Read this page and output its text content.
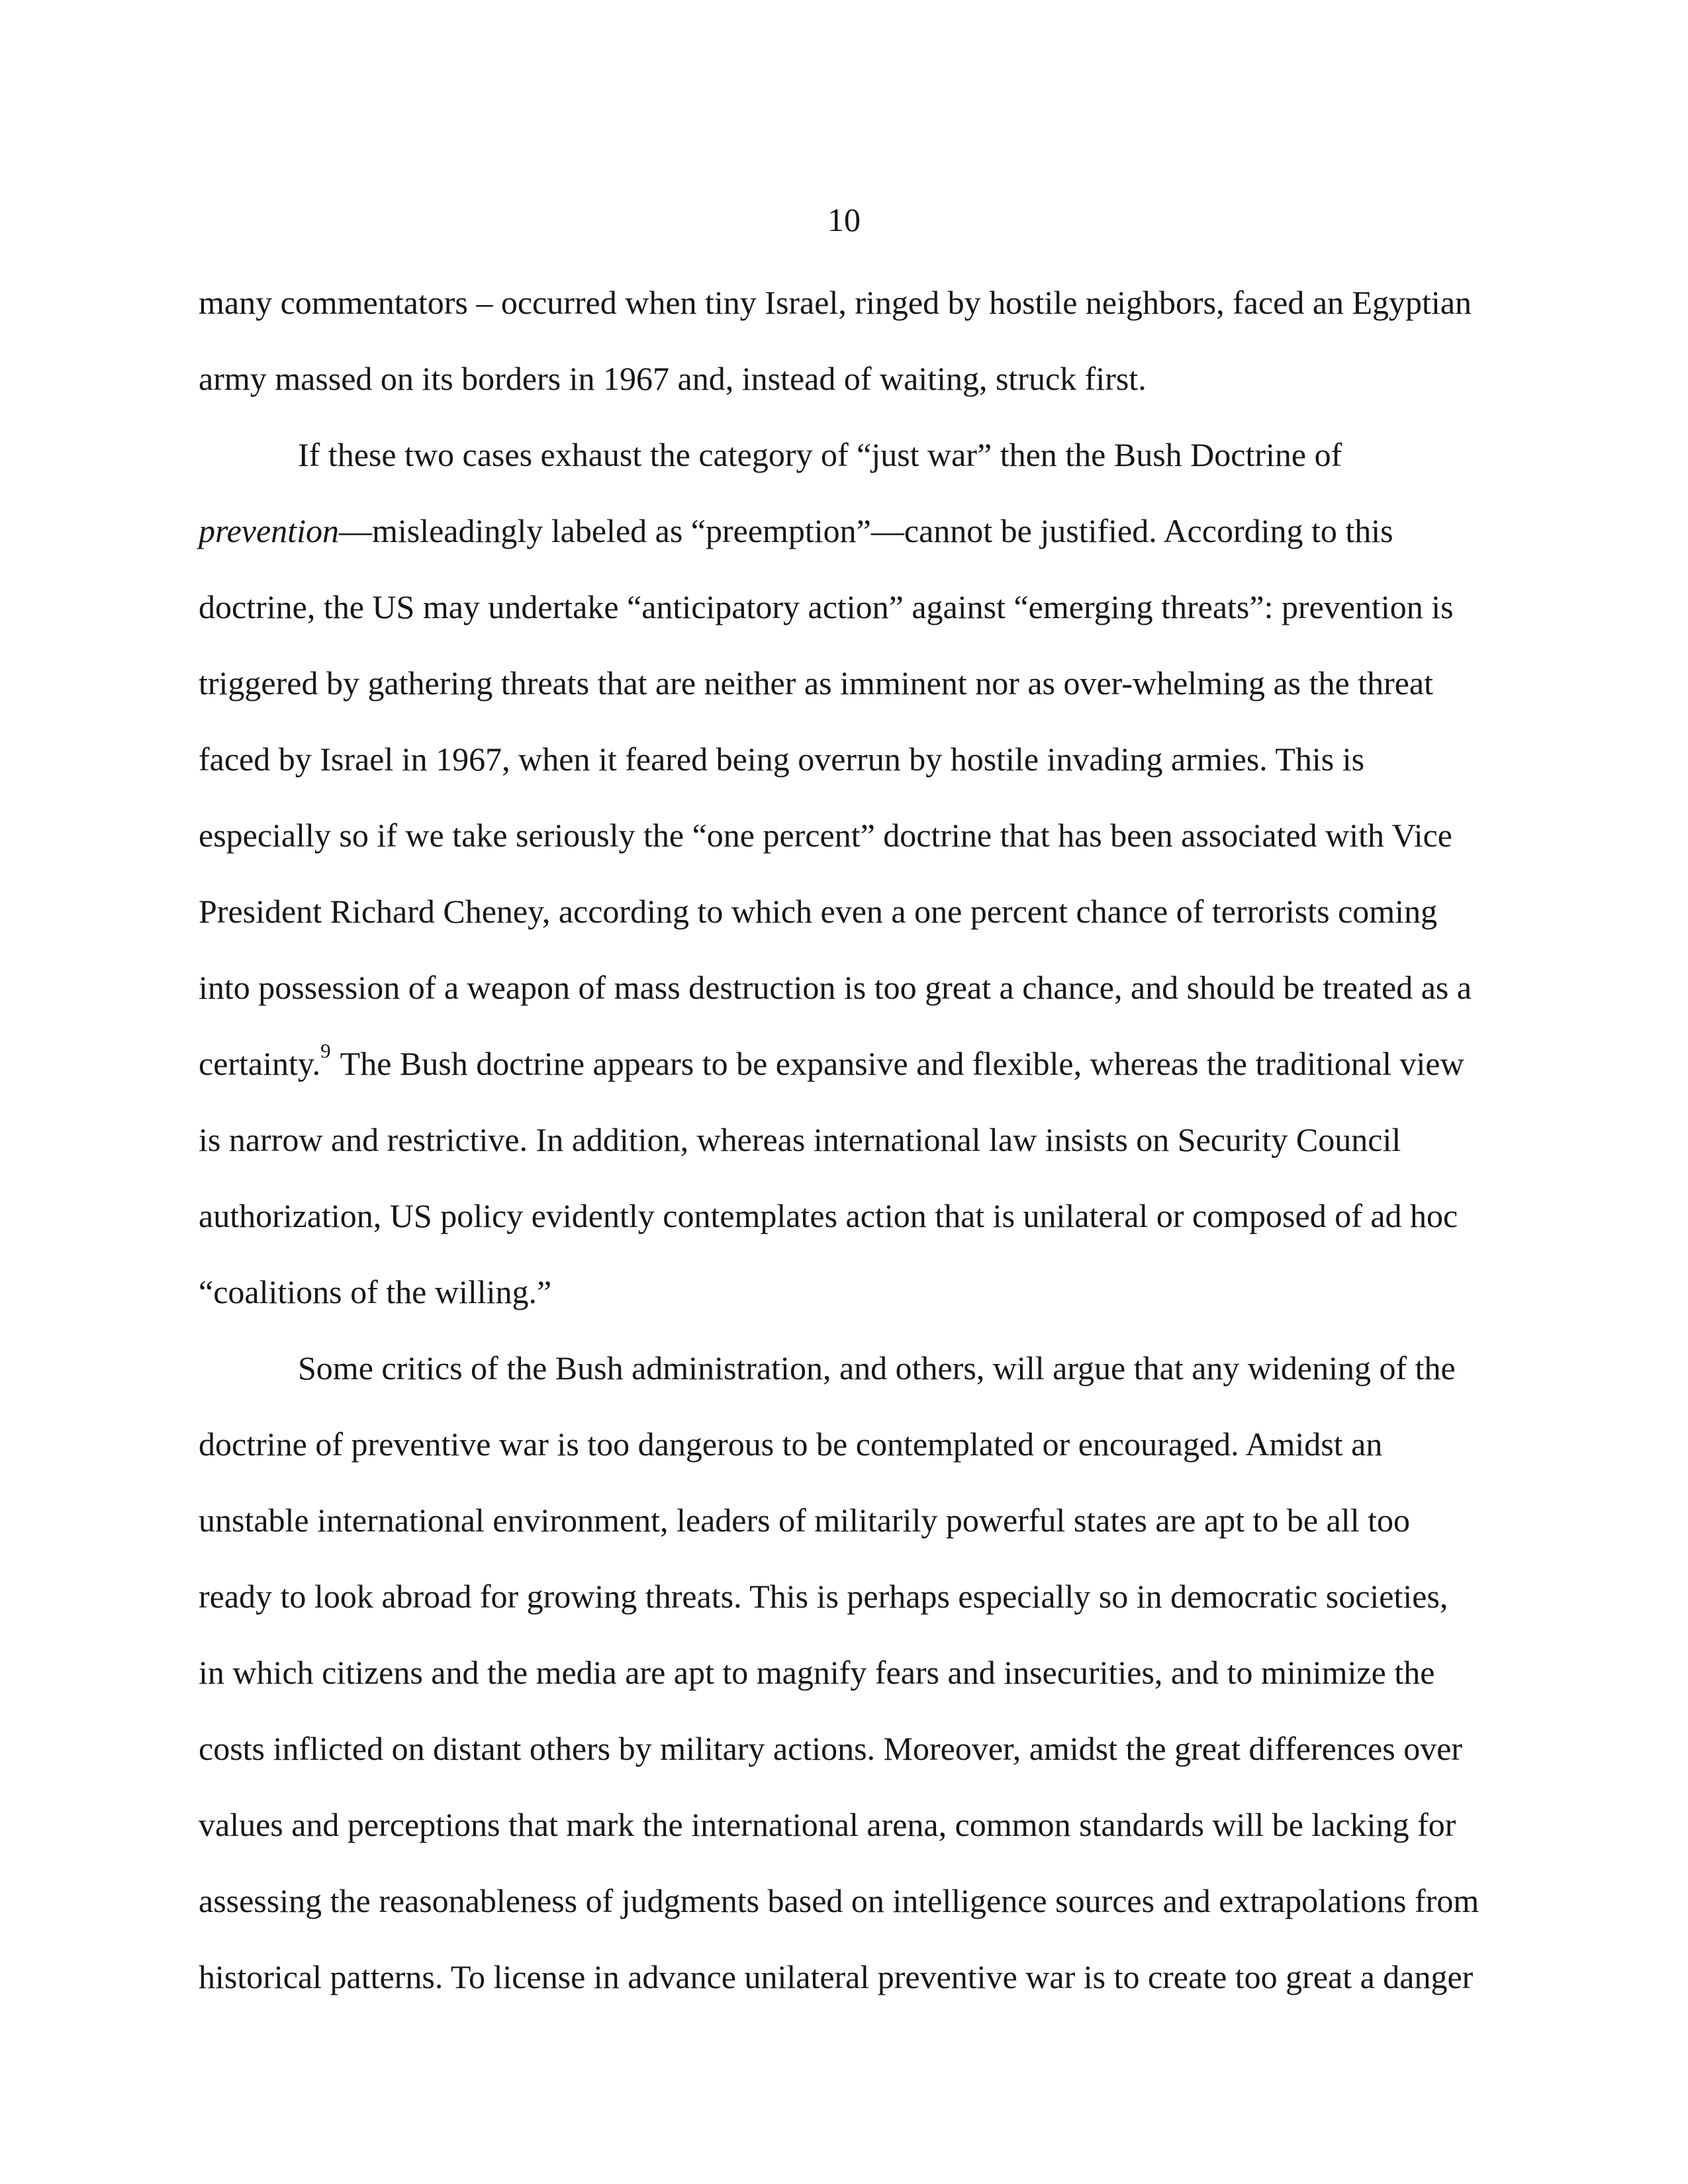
10
many commentators – occurred when tiny Israel, ringed by hostile neighbors, faced an Egyptian
army massed on its borders in 1967 and, instead of waiting, struck first.
If these two cases exhaust the category of “just war” then the Bush Doctrine of
prevention—misleadingly labeled as “preemption”—cannot be justified. According to this
doctrine, the US may undertake “anticipatory action” against “emerging threats”: prevention is
triggered by gathering threats that are neither as imminent nor as over-whelming as the threat
faced by Israel in 1967, when it feared being overrun by hostile invading armies. This is
especially so if we take seriously the “one percent” doctrine that has been associated with Vice
President Richard Cheney, according to which even a one percent chance of terrorists coming
into possession of a weapon of mass destruction is too great a chance, and should be treated as a
certainty.$^9$ The Bush doctrine appears to be expansive and flexible, whereas the traditional view
is narrow and restrictive. In addition, whereas international law insists on Security Council
authorization, US policy evidently contemplates action that is unilateral or composed of ad hoc
“coalitions of the willing.”
Some critics of the Bush administration, and others, will argue that any widening of the
doctrine of preventive war is too dangerous to be contemplated or encouraged. Amidst an
unstable international environment, leaders of militarily powerful states are apt to be all too
ready to look abroad for growing threats. This is perhaps especially so in democratic societies,
in which citizens and the media are apt to magnify fears and insecurities, and to minimize the
costs inflicted on distant others by military actions. Moreover, amidst the great differences over
values and perceptions that mark the international arena, common standards will be lacking for
assessing the reasonableness of judgments based on intelligence sources and extrapolations from
historical patterns. To license in advance unilateral preventive war is to create too great a danger
